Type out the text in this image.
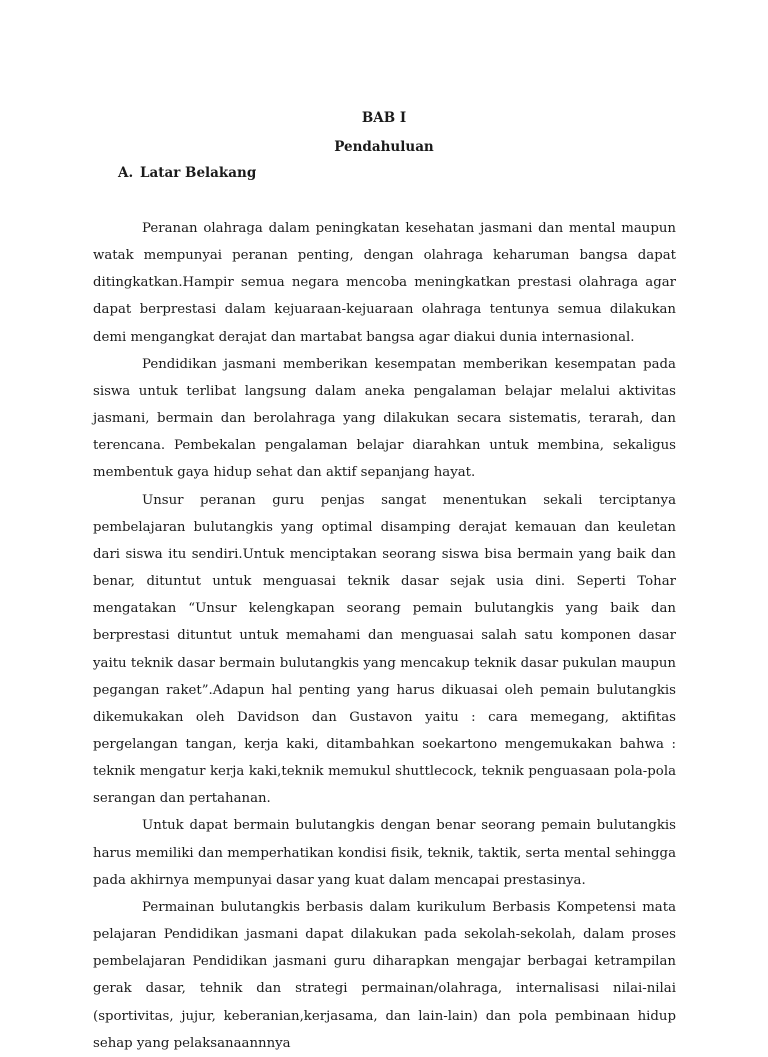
BAB I
Pendahuluan
A. Latar Belakang

Peranan olahraga dalam peningkatan kesehatan jasmani dan mental maupun watak mempunyai peranan penting, dengan olahraga keharuman bangsa dapat ditingkatkan.Hampir semua negara mencoba meningkatkan prestasi olahraga agar dapat berprestasi dalam kejuaraan-kejuaraan olahraga tentunya semua dilakukan demi mengangkat derajat dan martabat bangsa agar diakui dunia internasional.

Pendidikan jasmani memberikan kesempatan memberikan kesempatan pada siswa untuk terlibat langsung dalam aneka pengalaman belajar melalui aktivitas jasmani, bermain dan berolahraga yang dilakukan secara sistematis, terarah, dan terencana. Pembekalan pengalaman belajar diarahkan untuk membina, sekaligus membentuk gaya hidup sehat dan aktif sepanjang hayat.

Unsur peranan guru penjas sangat menentukan sekali terciptanya pembelajaran bulutangkis yang optimal disamping derajat kemauan dan keuletan dari siswa itu sendiri.Untuk menciptakan seorang siswa bisa bermain yang baik dan benar, dituntut untuk menguasai teknik dasar sejak usia dini. Seperti Tohar mengatakan “Unsur kelengkapan seorang pemain bulutangkis yang baik dan berprestasi dituntut untuk memahami dan menguasai salah satu komponen dasar yaitu teknik dasar bermain bulutangkis yang mencakup teknik dasar pukulan maupun pegangan raket”.Adapun hal penting yang harus dikuasai oleh pemain bulutangkis dikemukakan oleh Davidson dan Gustavon yaitu : cara memegang, aktifitas pergelangan tangan, kerja kaki, ditambahkan soekartono mengemukakan bahwa : teknik mengatur kerja kaki,teknik memukul shuttlecock, teknik penguasaan pola-pola serangan dan pertahanan.

Untuk dapat bermain bulutangkis dengan benar seorang pemain bulutangkis harus memiliki dan memperhatikan kondisi fisik, teknik, taktik, serta mental sehingga pada akhirnya mempunyai dasar yang kuat dalam mencapai prestasinya.

Permainan bulutangkis berbasis dalam kurikulum Berbasis Kompetensi mata pelajaran Pendidikan jasmani dapat dilakukan pada sekolah-sekolah, dalam proses pembelajaran Pendidikan jasmani guru diharapkan mengajar berbagai ketrampilan gerak dasar, tehnik dan strategi permainan/olahraga, internalisasi nilai-nilai (sportivitas, jujur, keberanian,kerjasama, dan lain-lain) dan pola pembinaan hidup sehap yang pelaksanaannnya
